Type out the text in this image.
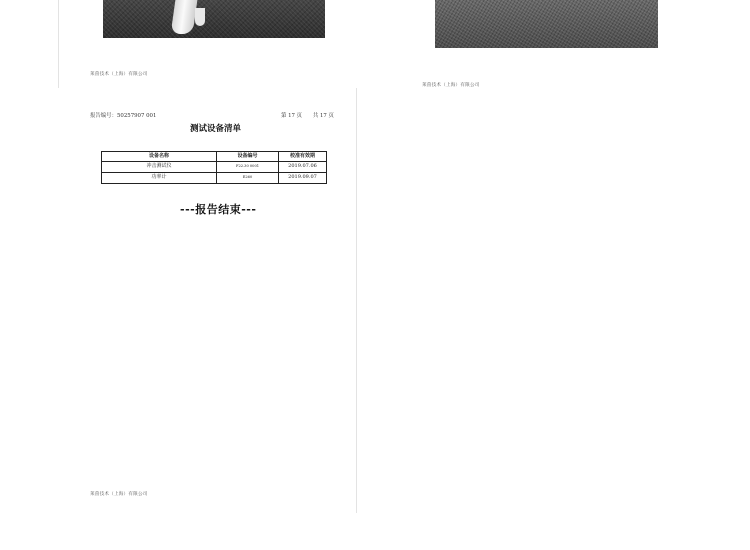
莱茵技术（上海）有限公司
莱茵技术（上海）有限公司
报告编号：50257907 001	第 17 页　　共 17 页
测试设备清单
设备名称	设备编号	校准有效期
冲击测试仪	F22.30 0001	2019.07.06
功率计	E260	2019.09.07
---报告结束---
莱茵技术（上海）有限公司
